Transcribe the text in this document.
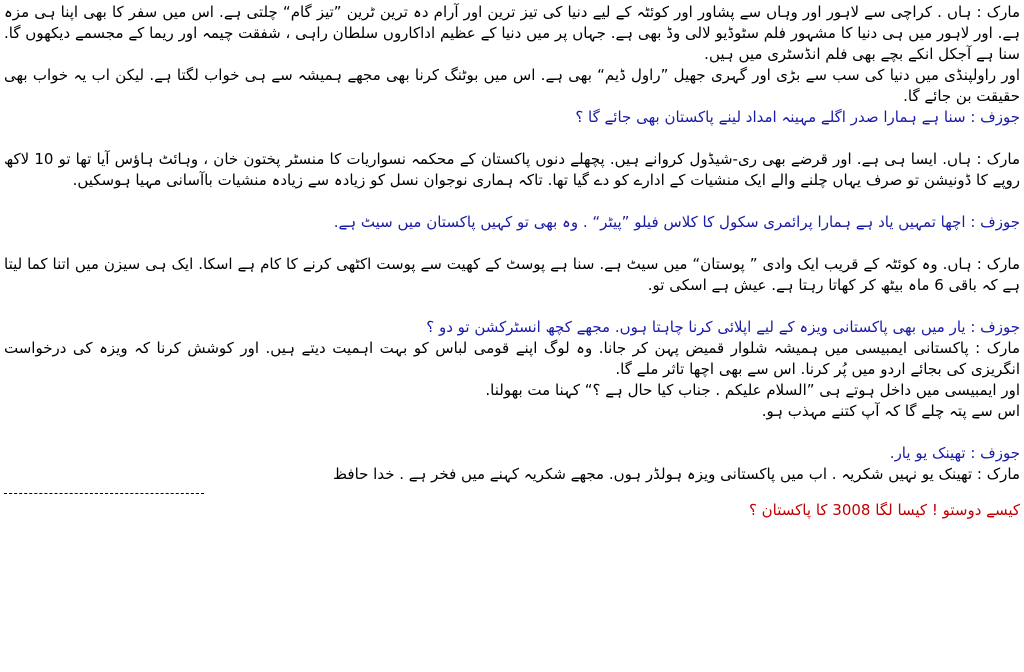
مارک : ہاں . کراچی سے لاہور اور وہاں سے پشاور اور کوئٹہ کے لیے دنیا کی تیز ترین اور آرام دہ ترین ٹرین ”تیز گام“ چلتی ہے. اس میں سفر کا بھی اپنا ہی مزہ ہے. اور لاہور میں ہی دنیا کا مشہور فلم سٹوڈیو لالی وڈ بھی ہے. جہاں پر میں دنیا کے عظیم اداکاروں سلطان راہی ، شفقت چیمہ اور ریما کے مجسمے دیکھوں گا. سنا ہے آجکل انکے بچے بھی فلم انڈسٹری میں ہیں.

اور راولپنڈی میں دنیا کی سب سے بڑی اور گہری جھیل ”راول ڈیم“ بھی ہے. اس میں بوٹنگ کرنا بھی مجھے ہمیشہ سے ہی خواب لگتا ہے. لیکن اب یہ خواب بھی حقیقت بن جائے گا.

جوزف : سنا ہے ہمارا صدر اگلے مہینہ امداد لینے پاکستان بھی جائے گا ؟

مارک : ہاں. ایسا ہی ہے. اور قرضے بھی ری-شیڈول کروانے ہیں. پچھلے دنوں پاکستان کے محکمہ نسواریات کا منسٹر پختون خان ، وہائٹ ہاؤس آیا تھا تو 10 لاکھ روپے کا ڈونیشن تو صرف یہاں چلنے والے ایک منشیات کے ادارے کو دے گیا تھا. تاکہ ہماری نوجوان نسل کو زیادہ سے زیادہ منشیات باآسانی مہیا ہوسکیں.

جوزف : اچھا تمہیں یاد ہے ہمارا پرائمری سکول کا کلاس فیلو ”پیٹر“ . وہ بھی تو کہیں پاکستان میں سیٹ ہے.

مارک : ہاں. وہ کوئٹہ کے قریب ایک وادی ” پوستان“ میں سیٹ ہے. سنا ہے پوسٹ کے کھیت سے پوست اکٹھی کرنے کا کام ہے اسکا. ایک ہی سیزن میں اتنا کما لیتا ہے کہ باقی 6 ماہ بیٹھ کر کھاتا رہتا ہے. عیش ہے اسکی تو.

جوزف : یار میں بھی پاکستانی ویزہ کے لیے اپلائی کرنا چاہتا ہوں. مجھے کچھ انسٹرکشن تو دو ؟

مارک : پاکستانی ایمبیسی میں ہمیشہ شلوار قمیض پہن کر جانا. وہ لوگ اپنے قومی لباس کو بہت اہمیت دیتے ہیں. اور کوشش کرنا کہ ویزہ کی درخواست انگریزی کی بجائے اردو میں پُر کرنا. اس سے بھی اچھا تاثر ملے گا.

اور ایمبیسی میں داخل ہوتے ہی ”السلام علیکم . جناب کیا حال ہے ؟“ کہنا مت بھولنا.

اس سے پتہ چلے گا کہ آپ کتنے مہذب ہو.

جوزف : تھینک یو یار.

مارک : تھینک یو نہیں شکریہ . اب میں پاکستانی ویزہ ہولڈر ہوں. مجھے شکریہ کہنے میں فخر ہے . خدا حافظ

کیسے دوستو ! کیسا لگا 3008 کا پاکستان ؟
